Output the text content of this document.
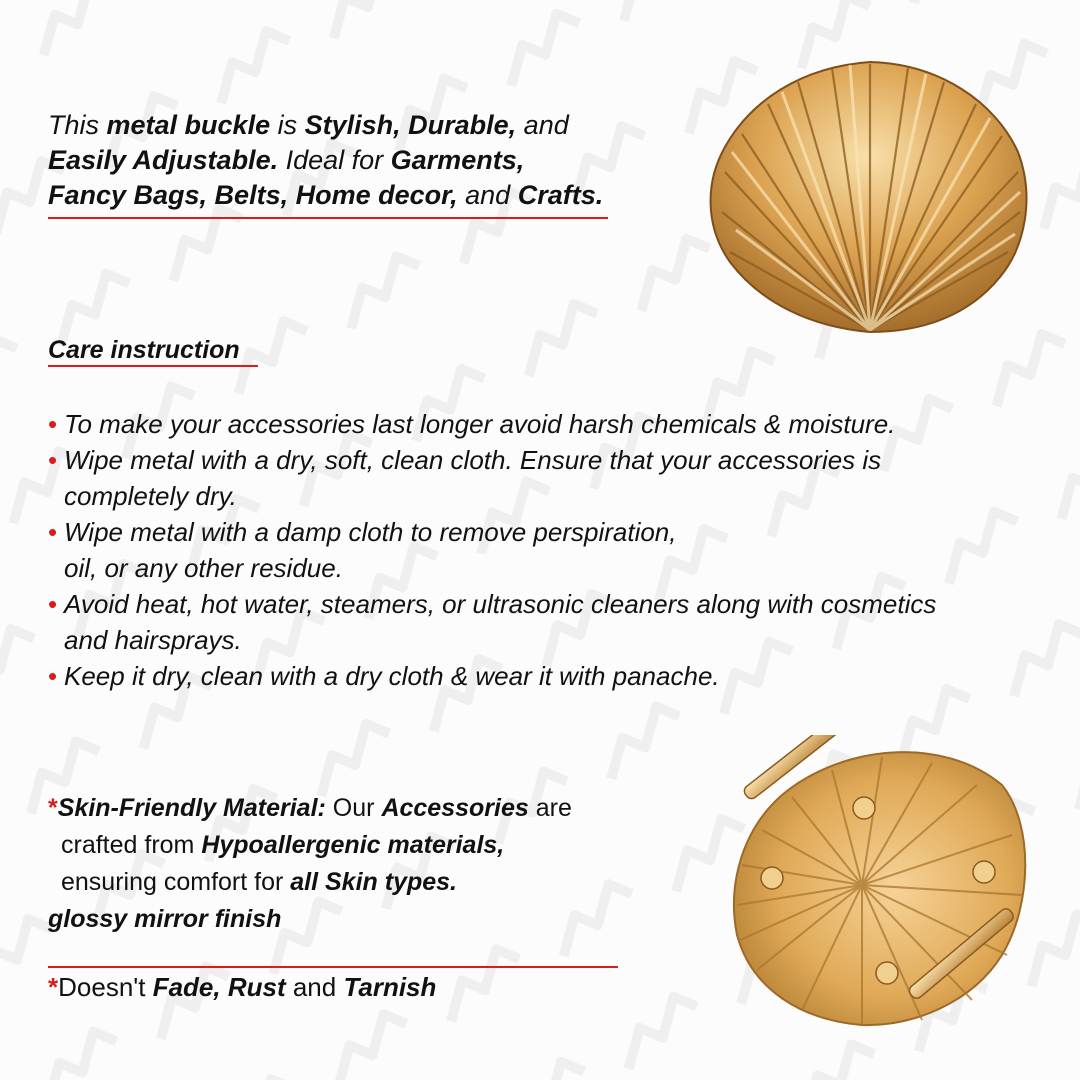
This metal buckle is Stylish, Durable, and
Easily Adjustable. Ideal for Garments,
Fancy Bags, Belts, Home decor, and Crafts.
Care instruction
• To make your accessories last longer avoid harsh chemicals & moisture.
• Wipe metal with a dry, soft, clean cloth. Ensure that your accessories is
completely dry.
• Wipe metal with a damp cloth to remove perspiration,
oil, or any other residue.
• Avoid heat, hot water, steamers, or ultrasonic cleaners along with cosmetics
and hairsprays.
• Keep it dry, clean with a dry cloth & wear it with panache.
*Skin-Friendly Material: Our Accessories are
crafted from Hypoallergenic materials,
ensuring comfort for all Skin types.
glossy mirror finish
*Doesn't Fade, Rust and Tarnish
